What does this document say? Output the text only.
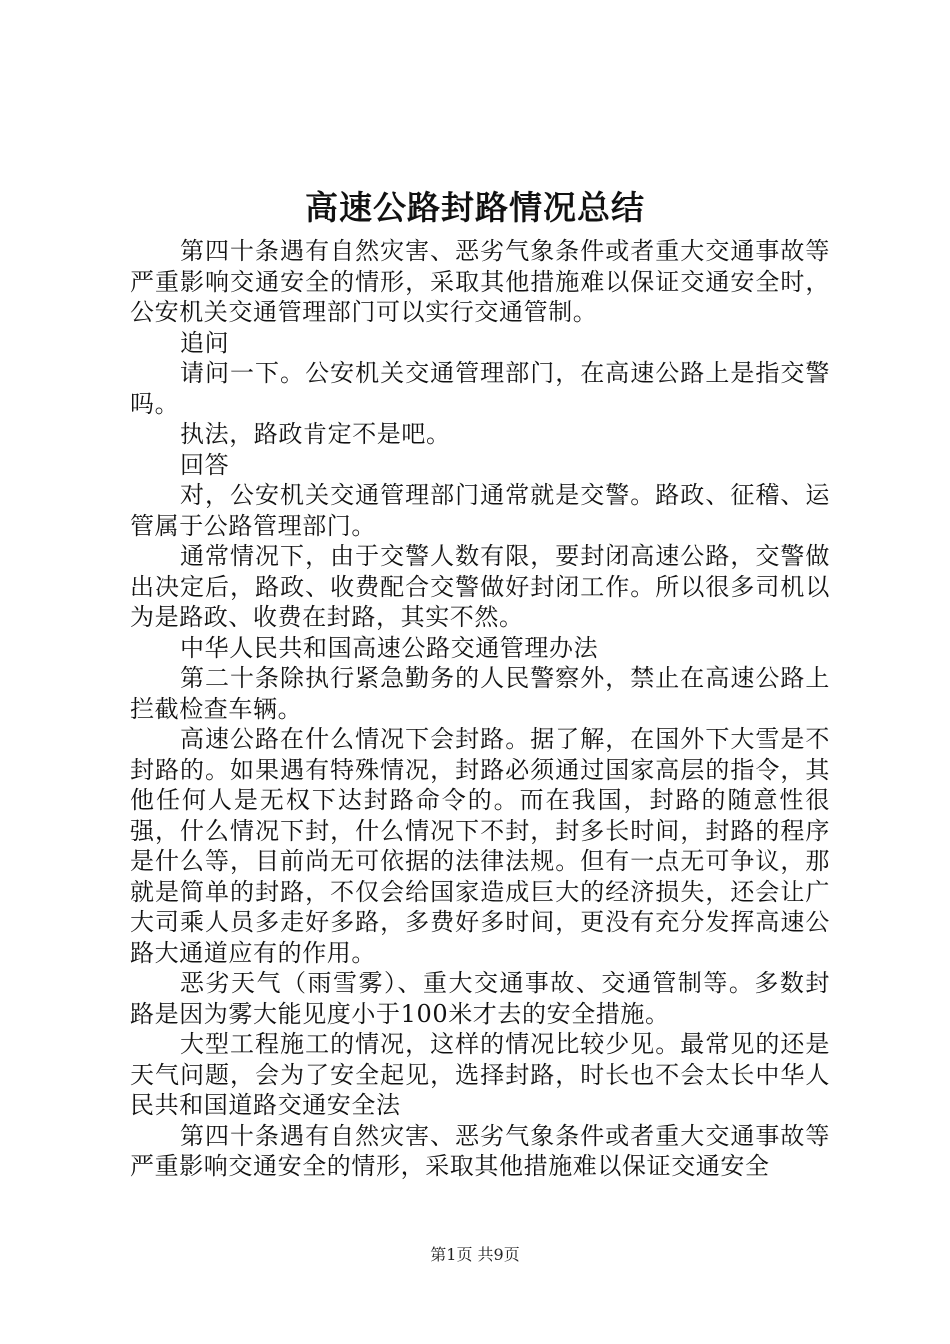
高速公路封路情况总结

第四十条遇有自然灾害、恶劣气象条件或者重大交通事故等严重影响交通安全的情形，采取其他措施难以保证交通安全时，公安机关交通管理部门可以实行交通管制。

追问

请问一下。公安机关交通管理部门，在高速公路上是指交警吗。

执法，路政肯定不是吧。

回答

对，公安机关交通管理部门通常就是交警。路政、征稽、运管属于公路管理部门。

通常情况下，由于交警人数有限，要封闭高速公路，交警做出决定后，路政、收费配合交警做好封闭工作。所以很多司机以为是路政、收费在封路，其实不然。

中华人民共和国高速公路交通管理办法

第二十条除执行紧急勤务的人民警察外，禁止在高速公路上拦截检查车辆。

高速公路在什么情况下会封路。据了解，在国外下大雪是不封路的。如果遇有特殊情况，封路必须通过国家高层的指令，其他任何人是无权下达封路命令的。而在我国，封路的随意性很强，什么情况下封，什么情况下不封，封多长时间，封路的程序是什么等，目前尚无可依据的法律法规。但有一点无可争议，那就是简单的封路，不仅会给国家造成巨大的经济损失，还会让广大司乘人员多走好多路，多费好多时间，更没有充分发挥高速公路大通道应有的作用。

恶劣天气（雨雪雾）、重大交通事故、交通管制等。多数封路是因为雾大能见度小于100米才去的安全措施。

大型工程施工的情况，这样的情况比较少见。最常见的还是天气问题，会为了安全起见，选择封路，时长也不会太长中华人民共和国道路交通安全法

第四十条遇有自然灾害、恶劣气象条件或者重大交通事故等严重影响交通安全的情形，采取其他措施难以保证交通安全

第1页 共9页
